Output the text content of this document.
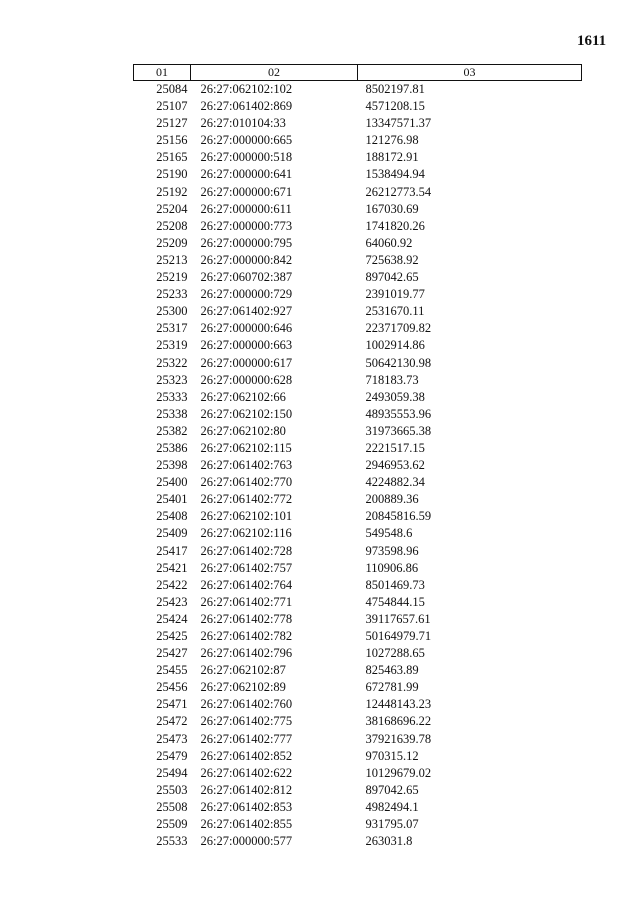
1611
01	02	03
25084	26:27:062102:102	8502197.81
25107	26:27:061402:869	4571208.15
25127	26:27:010104:33	13347571.37
25156	26:27:000000:665	121276.98
25165	26:27:000000:518	188172.91
25190	26:27:000000:641	1538494.94
25192	26:27:000000:671	26212773.54
25204	26:27:000000:611	167030.69
25208	26:27:000000:773	1741820.26
25209	26:27:000000:795	64060.92
25213	26:27:000000:842	725638.92
25219	26:27:060702:387	897042.65
25233	26:27:000000:729	2391019.77
25300	26:27:061402:927	2531670.11
25317	26:27:000000:646	22371709.82
25319	26:27:000000:663	1002914.86
25322	26:27:000000:617	50642130.98
25323	26:27:000000:628	718183.73
25333	26:27:062102:66	2493059.38
25338	26:27:062102:150	48935553.96
25382	26:27:062102:80	31973665.38
25386	26:27:062102:115	2221517.15
25398	26:27:061402:763	2946953.62
25400	26:27:061402:770	4224882.34
25401	26:27:061402:772	200889.36
25408	26:27:062102:101	20845816.59
25409	26:27:062102:116	549548.6
25417	26:27:061402:728	973598.96
25421	26:27:061402:757	110906.86
25422	26:27:061402:764	8501469.73
25423	26:27:061402:771	4754844.15
25424	26:27:061402:778	39117657.61
25425	26:27:061402:782	50164979.71
25427	26:27:061402:796	1027288.65
25455	26:27:062102:87	825463.89
25456	26:27:062102:89	672781.99
25471	26:27:061402:760	12448143.23
25472	26:27:061402:775	38168696.22
25473	26:27:061402:777	37921639.78
25479	26:27:061402:852	970315.12
25494	26:27:061402:622	10129679.02
25503	26:27:061402:812	897042.65
25508	26:27:061402:853	4982494.1
25509	26:27:061402:855	931795.07
25533	26:27:000000:577	263031.8
